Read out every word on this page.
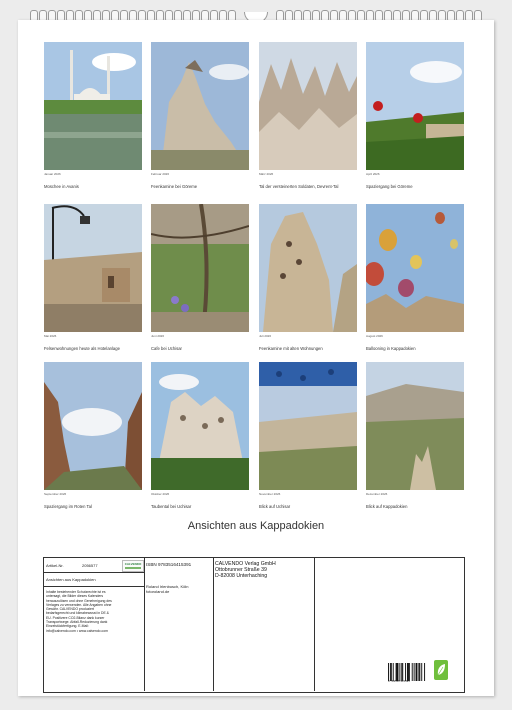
Januar 2026
Moschee in Avanis
Februar 2026
Feenkamine bei Göreme
März 2026
Tal der versteinerten Soldaten, Devrent-Tal
April 2026
Spaziergang bei Göreme
Mai 2026
Felsenwohnungen heute als Hotelanlage
Juni 2026
Cafe bei Uchisar
Juli 2026
Feenkamine mit alten Wohnungen
August 2026
Ballooning in Kappadokien
September 2026
Spaziergang im Roten Tal
Oktober 2026
Taubental bei Uchisar
November 2026
Blick auf Uchisar
Dezember 2026
Blick auf Kappadokien
Ansichten aus Kappadokien
Artikel-Nr.	2056577	CALVENDO
Ansichten aus Kappadokien
Inhalte bestehender Schutzrechte ist es untersagt, die Bilder dieses Kalenders herauszulösen und ohne Genehmigung des Verlages zu verwenden. Alle Angaben ohne Gewähr. CALVENDO produziert bedarfsgerecht und klimabewusst in DE & EU. Positivere CO2-Bilanz dank kurzer Transportwege. Abfall-Reduzierung dank Einzelstückfertigung. E-Mail: info@calvendo.com • www.calvendo.com
ISBN 9783516415391
Roland Irlenbusch, Köln
fotoroland.de
CALVENDO Verlag GmbH
Ottobrunner Straße 39
D-82008 Unterhaching
9 783516 415391
